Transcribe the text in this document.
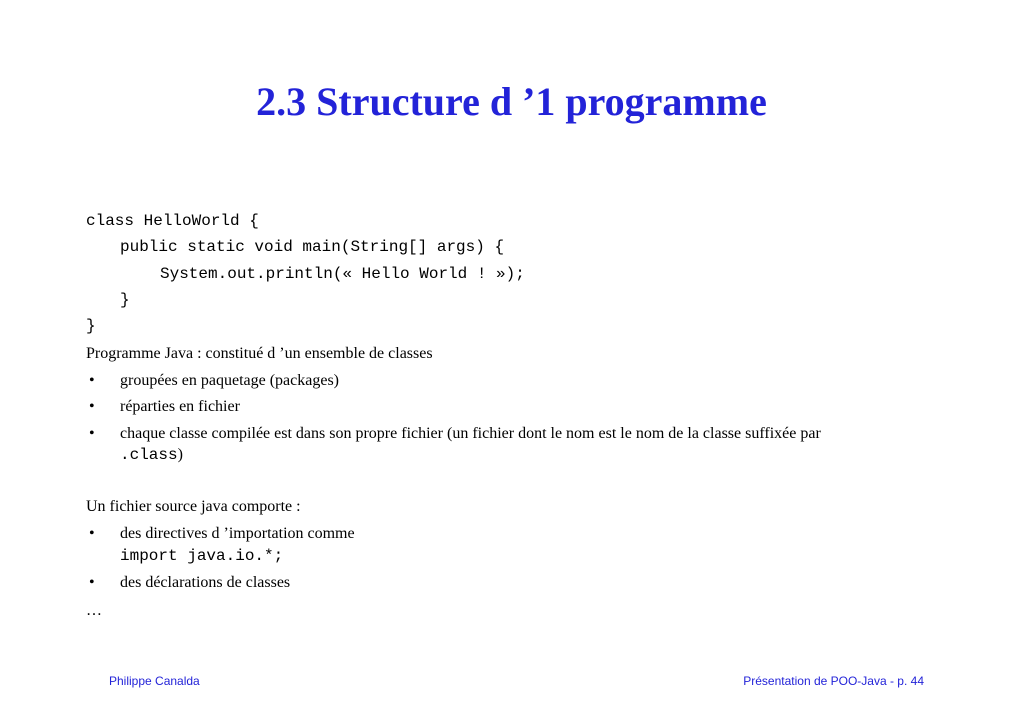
2.3 Structure d ’1 programme
class HelloWorld {
public static void main(String[] args) {
System.out.println(« Hello World ! »);
}
}
Programme Java : constitué d ’un ensemble de classes
• groupées en paquetage (packages)
• réparties en fichier
• chaque classe compilée est dans son propre fichier (un fichier dont le nom est le nom de la classe suffixée par
.class)
Un fichier source java comporte :
• des directives d ’importation comme
import java.io.*;
• des déclarations de classes
…
Philippe Canalda	Présentation de POO-Java - p. 44
